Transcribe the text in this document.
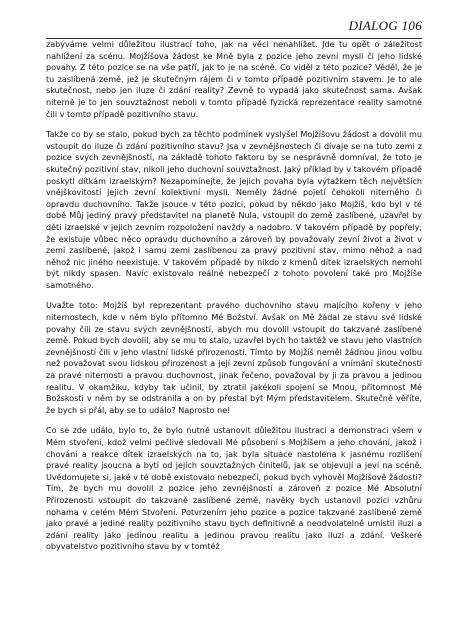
DIALOG 106

zabýváme velmi důležitou ilustrací toho, jak na věci nenahlížet. Jde tu opět o záležitost nahlížení za scénu. Mojžíšova žádost ke Mně byla z pozice jeho zevní mysli či jeho lidské povahy. Z této pozice se na vše patří, jak to je na scéně. Co viděl z této pozice? Věděl, že je tu zaslíbená země, jež je skutečným rájem či v tomto případě pozitivním stavem. Je to ale skutečnost, nebo jen iluze či zdání reality? Zevně to vypadá jako skutečnost sama. Avšak niterně je to jen souvztažnost neboli v tomto případě fyzická reprezentace reality samotné čili v tomto případě pozitivního stavu.

Takže co by se stalo, pokud bych za těchto podmínek vyslyšel Mojžíšovu žádost a dovolil mu vstoupit do iluze či zdání pozitivního stavu? Jsa v zevnějšnostech či dívaje se na tuto zemi z pozice svých zevnějšností, na základě tohoto faktoru by se nesprávně domníval, že toto je skutečný pozitivní stav, nikoli jeho duchovní souvztažnost. Jaký příklad by v takovém případě poskytl dítkám izraelským? Nezapomínejte, že jejich povaha byla výtažkem těch největších vnějškovitostí jejich zevní kolektivní mysli. Neměly žádné pojetí čehokoli niterného či opravdu duchovního. Takže jsouce v této pozici, pokud by někdo jako Mojžíš, kdo byl v té době Můj jediný pravý představitel na planetě Nula, vstoupil do země zaslíbené, uzavřel by děti izraelské v jejich zevním rozpoložení navždy a nadobro. V takovém případě by popřely, že existuje vůbec něco opravdu duchovního a zároveň by považovaly zevní život a život v zemi zaslíbené, jakož i samu zemi zaslíbenou za pravý pozitivní stav, mimo něhož a nad něhož nic jiného neexistuje. V takovém případě by nikdo z kmenů dítek izraelských nemohl být nikdy spasen. Navíc existovalo reálné nebezpečí z tohoto povolení také pro Mojžíše samotného.

Uvažte toto: Mojžíš byl reprezentant pravého duchovního stavu majícího kořeny v jeho niternostech, kde v něm bylo přítomno Mé Božství. Avšak on Mě žádal ze stavu své lidské povahy čili ze stavu svých zevnějšností, abych mu dovolil vstoupit do takzvané zaslíbené země. Pokud bych dovolil, aby se mu to stalo, uzavřel bych ho taktéž ve stavu jeho vlastních zevnějšností čili v jeho vlastní lidské přirozenosti. Tímto by Mojžíš neměl žádnou jinou volbu než považovat svou lidskou přirozenost a její zevní způsob fungování a vnímání skutečnosti za pravé niternosti a pravou duchovnost, jinak řečeno, považoval by ji za pravou a jedinou realitu. V okamžiku, kdyby tak učinil, by ztratil jakékoli spojení se Mnou, přítomnost Mé Božskosti v něm by se odstranila a on by přestal být Mým představitelem. Skutečně věříte, že bych si přál, aby se to událo? Naprosto ne!

Co se zde událo, bylo to, že bylo nutné ustanovit důležitou ilustraci a demonstraci všem v Mém stvoření, kdož velmi pečlivě sledovali Mé působení s Mojžíšem a jeho chování, jakož i chování a reakce dítek izraelských na to, jak byla situace nastolena k jasnému rozlišení pravé reality jsoucna a bytí od jejích souvztažných činitelů, jak se objevují a jeví na scéně. Uvědomujete si, jaké v té době existovalo nebezpečí, pokud bych vyhověl Mojžíšově žádosti? Tím, že bych mu dovolil z pozice jeho zevnějšností a zároveň z pozice Mé Absolutní Přirozenosti vstoupit do takzvané zaslíbené země, navěky bych ustanovil pozici vzhůru nohama v celém Mém Stvoření. Potvrzením jeho pozice a pozice takzvané zaslíbené země jako pravé a jediné reality pozitivního stavu bych definitivně a neodvolatelně umístil iluzi a zdání reality jako jedinou realitu a jedinou pravou realitu jako iluzi a zdání. Veškeré obyvatelstvo pozitivního stavu by v tomtéž
